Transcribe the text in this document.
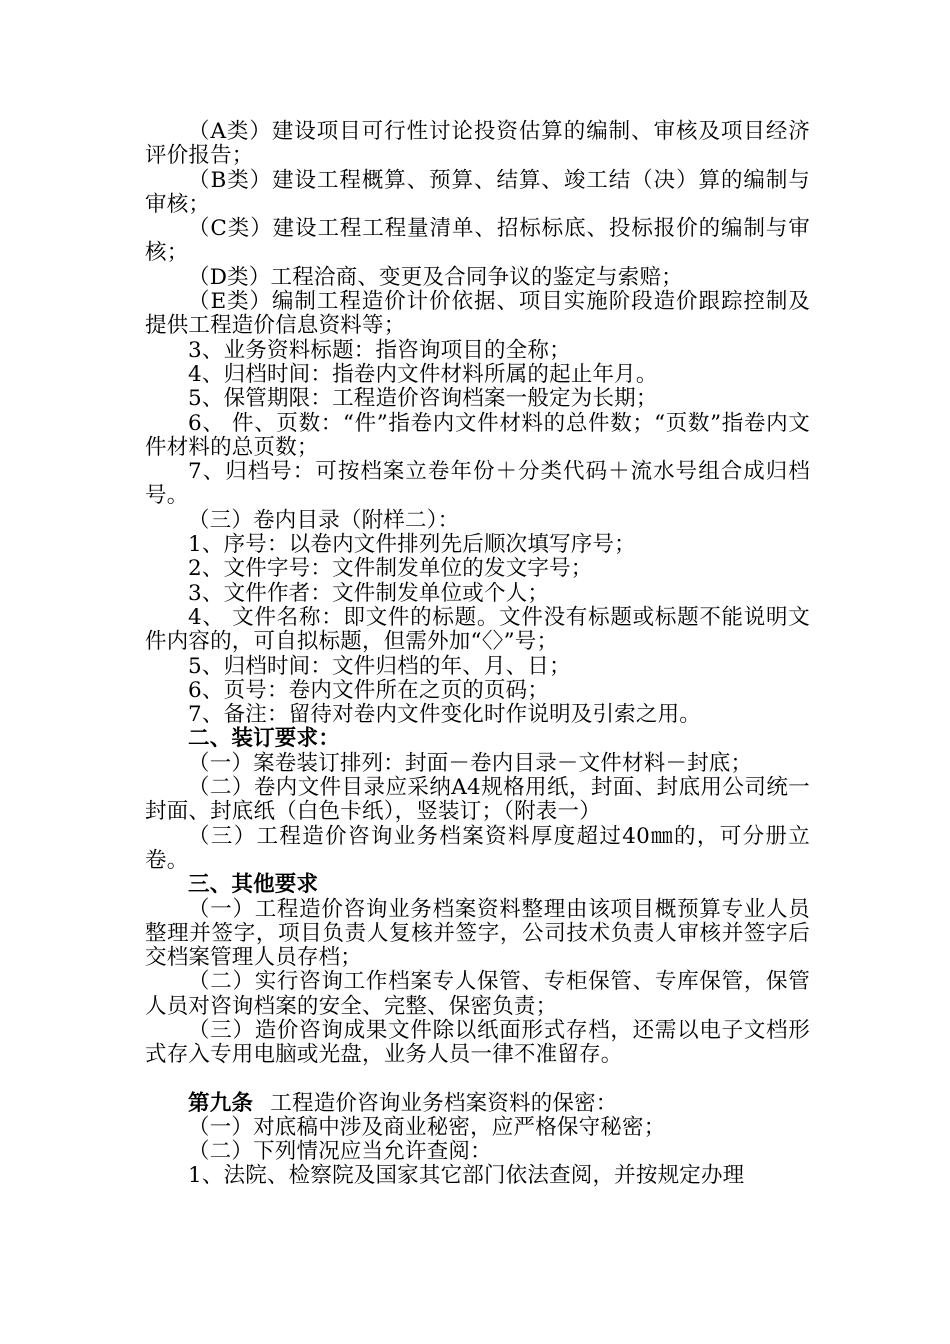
（A类）建设项目可行性讨论投资估算的编制、审核及项目经济评价报告；

（B类）建设工程概算、预算、结算、竣工结（决）算的编制与审核；

（C类）建设工程工程量清单、招标标底、投标报价的编制与审核；

（D类）工程洽商、变更及合同争议的鉴定与索赔；

（E类）编制工程造价计价依据、项目实施阶段造价跟踪控制及提供工程造价信息资料等；

3、业务资料标题：指咨询项目的全称；

4、归档时间：指卷内文件材料所属的起止年月。

5、保管期限：工程造价咨询档案一般定为长期；

6、 件、页数：“件”指卷内文件材料的总件数；“页数”指卷内文件材料的总页数；

7、归档号：可按档案立卷年份＋分类代码＋流水号组合成归档号。

（三）卷内目录（附样二）：

1、序号：以卷内文件排列先后顺次填写序号；

2、文件字号：文件制发单位的发文字号；

3、文件作者：文件制发单位或个人；

4、 文件名称：即文件的标题。文件没有标题或标题不能说明文件内容的，可自拟标题，但需外加“〈〉”号；

5、归档时间：文件归档的年、月、日；

6、页号：卷内文件所在之页的页码；

7、备注：留待对卷内文件变化时作说明及引索之用。

二、装订要求：

（一）案卷装订排列：封面－卷内目录－文件材料－封底；

（二）卷内文件目录应采纳A4规格用纸，封面、封底用公司统一封面、封底纸（白色卡纸），竖装订；（附表一）

（三）工程造价咨询业务档案资料厚度超过40㎜的，可分册立卷。

三、其他要求

（一）工程造价咨询业务档案资料整理由该项目概预算专业人员整理并签字，项目负责人复核并签字，公司技术负责人审核并签字后交档案管理人员存档；

（二）实行咨询工作档案专人保管、专柜保管、专库保管，保管人员对咨询档案的安全、完整、保密负责；

（三）造价咨询成果文件除以纸面形式存档，还需以电子文档形式存入专用电脑或光盘，业务人员一律不准留存。

第九条 工程造价咨询业务档案资料的保密：

（一）对底稿中涉及商业秘密，应严格保守秘密；

（二）下列情况应当允许查阅：

1、法院、检察院及国家其它部门依法查阅，并按规定办理
